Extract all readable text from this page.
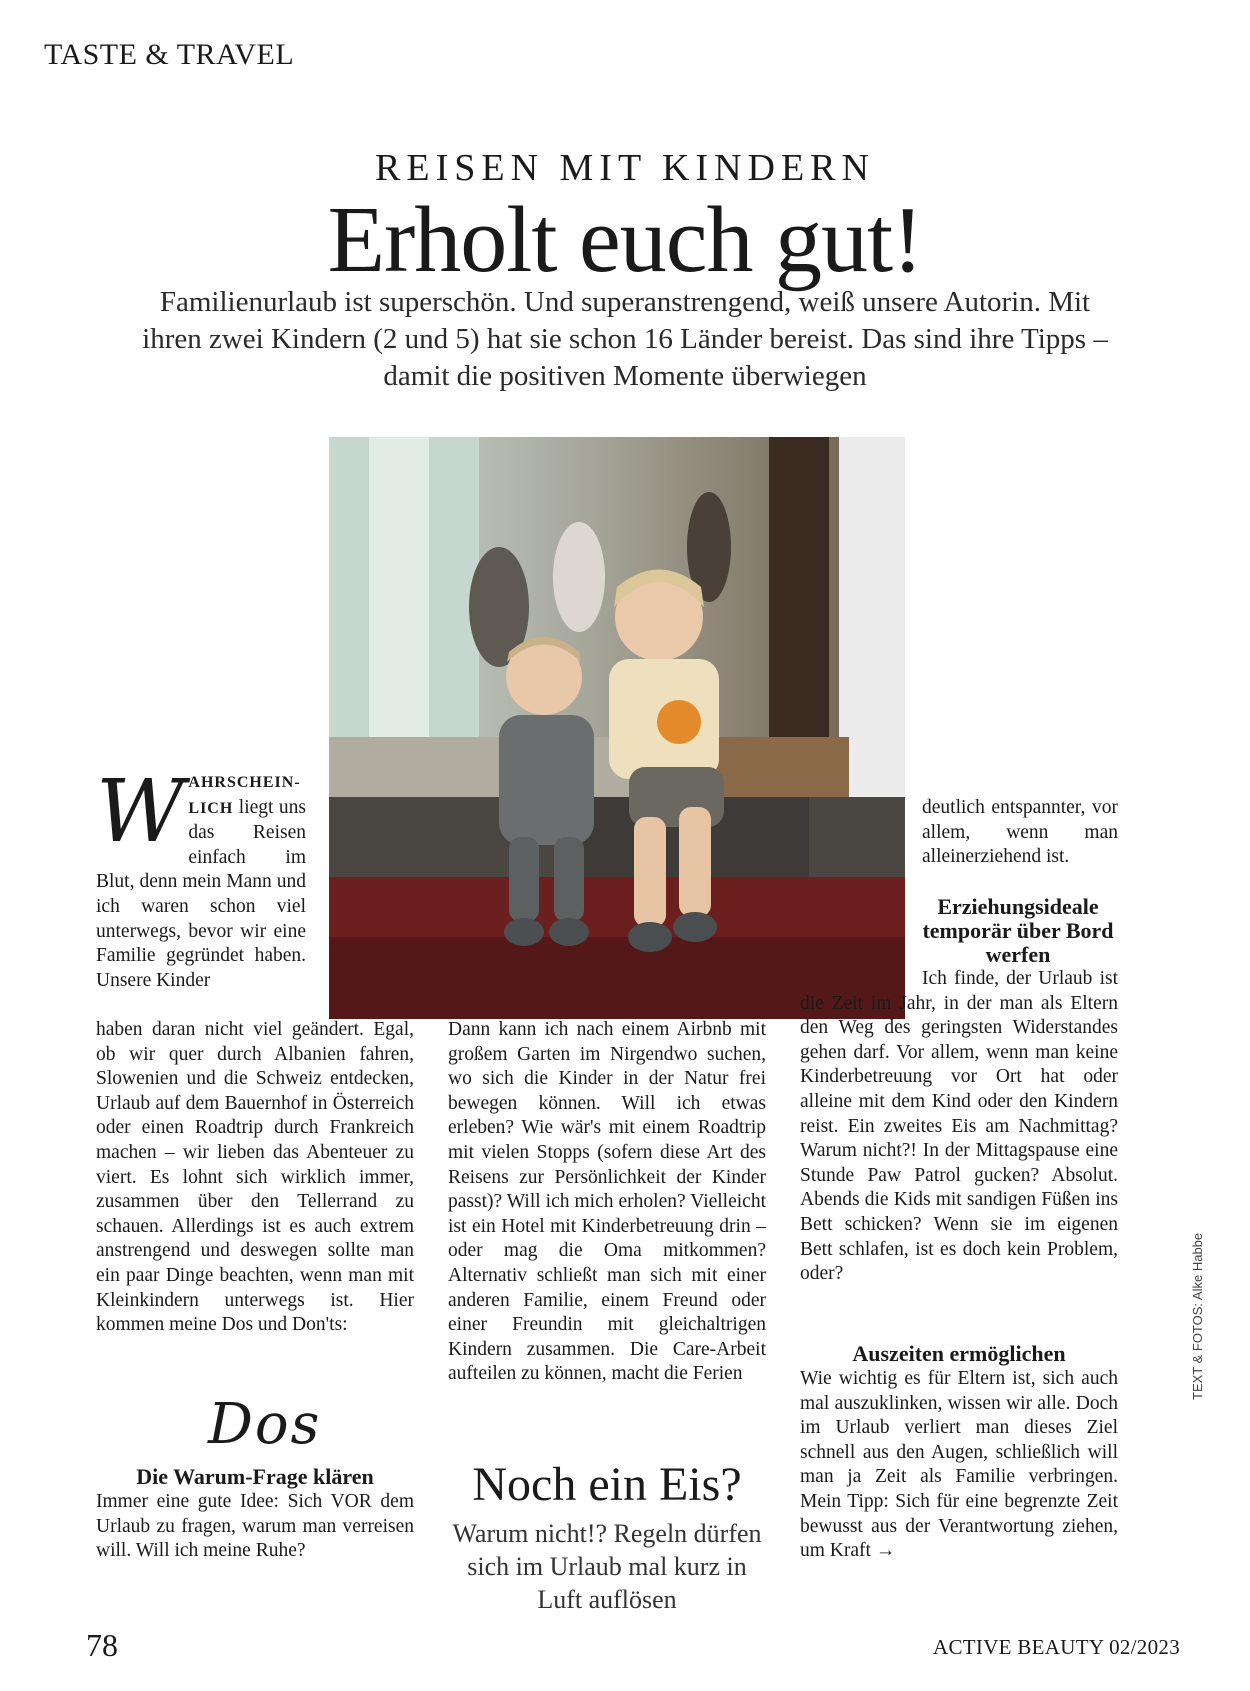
TASTE & TRAVEL
REISEN MIT KINDERN
Erholt euch gut!
Familienurlaub ist superschön. Und superanstrengend, weiß unsere Autorin. Mit ihren zwei Kindern (2 und 5) hat sie schon 16 Länder bereist. Das sind ihre Tipps – damit die positiven Momente überwiegen

W AHRSCHEIN-LICH liegt uns das Reisen einfach im Blut, denn mein Mann und ich waren schon viel unterwegs, bevor wir eine Familie gegründet haben. Unsere Kinder

haben daran nicht viel geändert. Egal, ob wir quer durch Albanien fahren, Slowenien und die Schweiz entdecken, Urlaub auf dem Bauernhof in Österreich oder einen Roadtrip durch Frankreich machen – wir lieben das Abenteuer zu viert. Es lohnt sich wirklich immer, zusammen über den Tellerrand zu schauen. Allerdings ist es auch extrem anstrengend und deswegen sollte man ein paar Dinge beachten, wenn man mit Kleinkindern unterwegs ist. Hier kommen meine Dos und Don'ts:

Dos
Die Warum-Frage klären

Immer eine gute Idee: Sich VOR dem Urlaub zu fragen, warum man verreisen will. Will ich meine Ruhe?

Dann kann ich nach einem Airbnb mit großem Garten im Nirgendwo suchen, wo sich die Kinder in der Natur frei bewegen können. Will ich etwas erleben? Wie wär's mit einem Roadtrip mit vielen Stopps (sofern diese Art des Reisens zur Persönlichkeit der Kinder passt)? Will ich mich erholen? Vielleicht ist ein Hotel mit Kinderbetreuung drin – oder mag die Oma mitkommen? Alternativ schließt man sich mit einer anderen Familie, einem Freund oder einer Freundin mit gleichaltrigen Kindern zusammen. Die Care-Arbeit aufteilen zu können, macht die Ferien

Noch ein Eis?
Warum nicht!? Regeln dürfen sich im Urlaub mal kurz in Luft auflösen

deutlich entspannter, vor allem, wenn man alleinerziehend ist.

Erziehungsideale temporär über Bord werfen

Ich finde, der Urlaub ist die Zeit im Jahr, in der man als Eltern den Weg des geringsten Widerstandes gehen darf. Vor allem, wenn man keine Kinderbetreuung vor Ort hat oder alleine mit dem Kind oder den Kindern reist. Ein zweites Eis am Nachmittag? Warum nicht?! In der Mittagspause eine Stunde Paw Patrol gucken? Absolut. Abends die Kids mit sandigen Füßen ins Bett schicken? Wenn sie im eigenen Bett schlafen, ist es doch kein Problem, oder?

Auszeiten ermöglichen

Wie wichtig es für Eltern ist, sich auch mal auszuklinken, wissen wir alle. Doch im Urlaub verliert man dieses Ziel schnell aus den Augen, schließlich will man ja Zeit als Familie verbringen. Mein Tipp: Sich für eine begrenzte Zeit bewusst aus der Verantwortung ziehen, um Kraft →

TEXT & FOTOS: Alke Habbe
78	ACTIVE BEAUTY 02/2023
